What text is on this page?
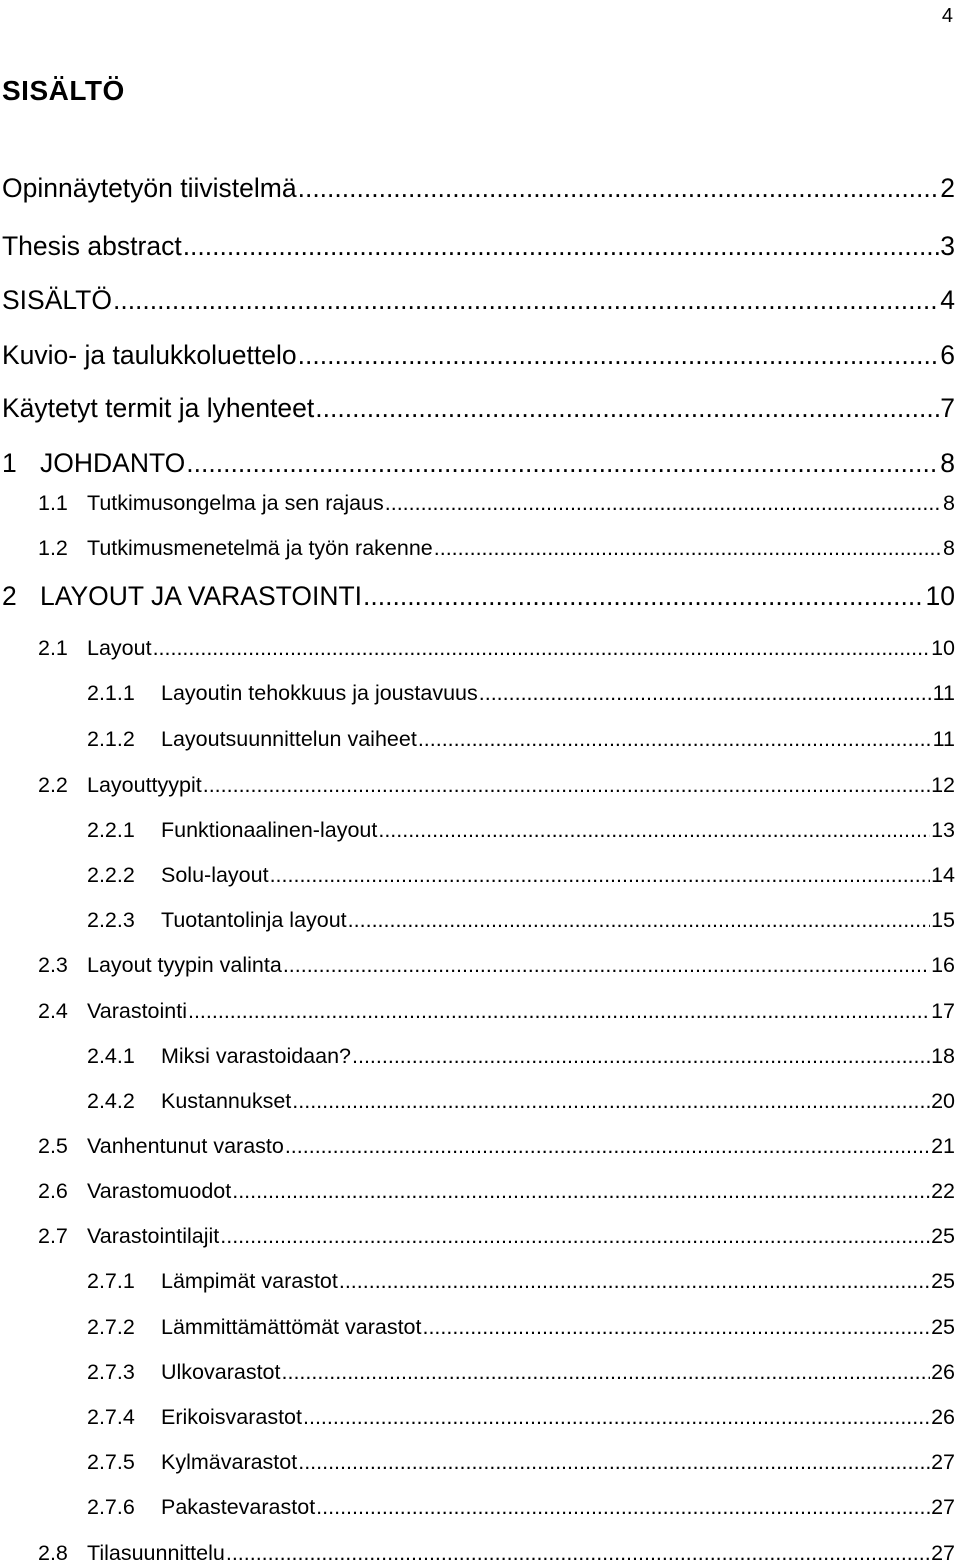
4
SISÄLTÖ
Opinnäytetyön tiivistelmä .....	2
Thesis abstract .....	3
SISÄLTÖ .....	4
Kuvio- ja taulukkoluettelo .....	6
Käytetyt termit ja lyhenteet .....	7
1 JOHDANTO .....	8
1.1 Tutkimusongelma ja sen rajaus .....	8
1.2 Tutkimusmenetelmä ja työn rakenne .....	8
2 LAYOUT JA VARASTOINTI .....	10
2.1 Layout .....	10
2.1.1	Layoutin tehokkuus ja joustavuus .....	11
2.1.2	Layoutsuunnittelun vaiheet .....	11
2.2 Layouttyypit .....	12
2.2.1	Funktionaalinen-layout .....	13
2.2.2	Solu-layout .....	14
2.2.3	Tuotantolinja layout .....	15
2.3 Layout tyypin valinta .....	16
2.4 Varastointi .....	17
2.4.1	Miksi varastoidaan? .....	18
2.4.2	Kustannukset .....	20
2.5 Vanhentunut varasto .....	21
2.6 Varastomuodot .....	22
2.7 Varastointilajit .....	25
2.7.1	Lämpimät varastot .....	25
2.7.2	Lämmittämättömät varastot .....	25
2.7.3	Ulkovarastot .....	26
2.7.4	Erikoisvarastot .....	26
2.7.5	Kylmävarastot .....	27
2.7.6	Pakastevarastot .....	27
2.8 Tilasuunnittelu .....	27
